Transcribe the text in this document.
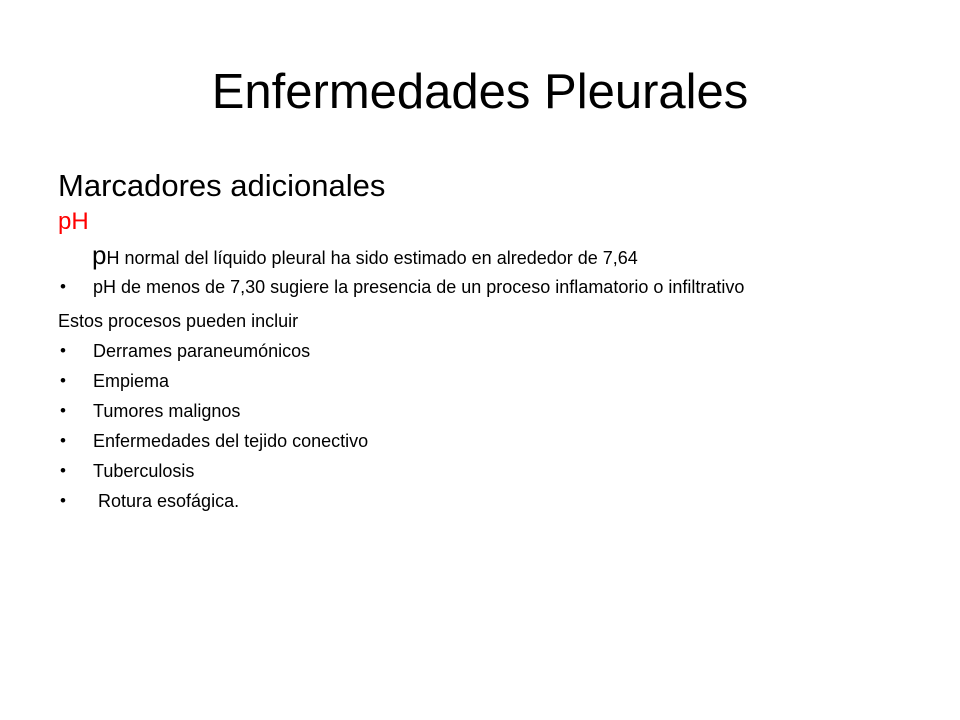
Enfermedades Pleurales

Marcadores adicionales

pH

pH normal del líquido pleural ha sido estimado en alrededor de 7,64

• pH de menos de 7,30 sugiere la presencia de un proceso inflamatorio o infiltrativo

Estos procesos pueden incluir

• Derrames paraneumónicos
• Empiema
• Tumores malignos
• Enfermedades del tejido conectivo
• Tuberculosis
• Rotura esofágica.
